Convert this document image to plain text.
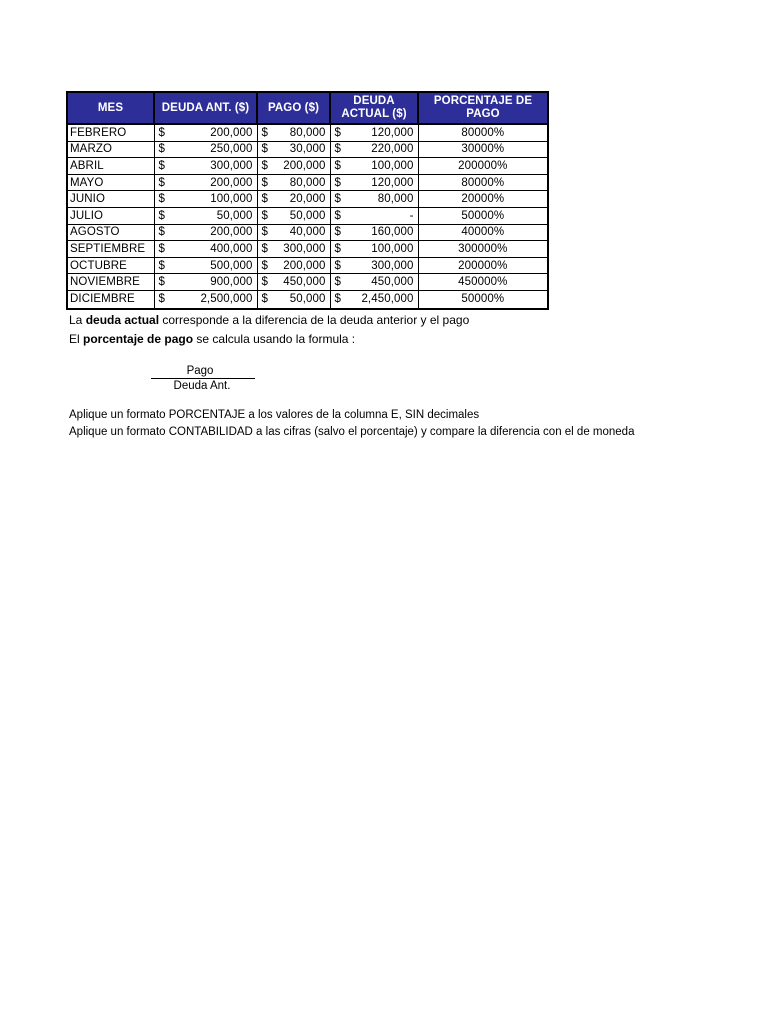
MES	DEUDA ANT. ($)	PAGO ($)	DEUDA ACTUAL ($)	PORCENTAJE DE PAGO
FEBRERO	$ 200,000	$ 80,000	$ 120,000	80000%
MARZO	$ 250,000	$ 30,000	$ 220,000	30000%
ABRIL	$ 300,000	$ 200,000	$ 100,000	200000%
MAYO	$ 200,000	$ 80,000	$ 120,000	80000%
JUNIO	$ 100,000	$ 20,000	$ 80,000	20000%
JULIO	$ 50,000	$ 50,000	$ -	50000%
AGOSTO	$ 200,000	$ 40,000	$ 160,000	40000%
SEPTIEMBRE	$ 400,000	$ 300,000	$ 100,000	300000%
OCTUBRE	$ 500,000	$ 200,000	$ 300,000	200000%
NOVIEMBRE	$ 900,000	$ 450,000	$ 450,000	450000%
DICIEMBRE	$ 2,500,000	$ 50,000	$ 2,450,000	50000%
La deuda actual corresponde a la diferencia de la deuda anterior y el pago
El porcentaje de pago se calcula usando la formula :
Pago
Deuda Ant.
Aplique un formato PORCENTAJE a los valores de la columna E, SIN decimales
Aplique un formato CONTABILIDAD a las cifras (salvo el porcentaje) y compare la diferencia con el de moneda
